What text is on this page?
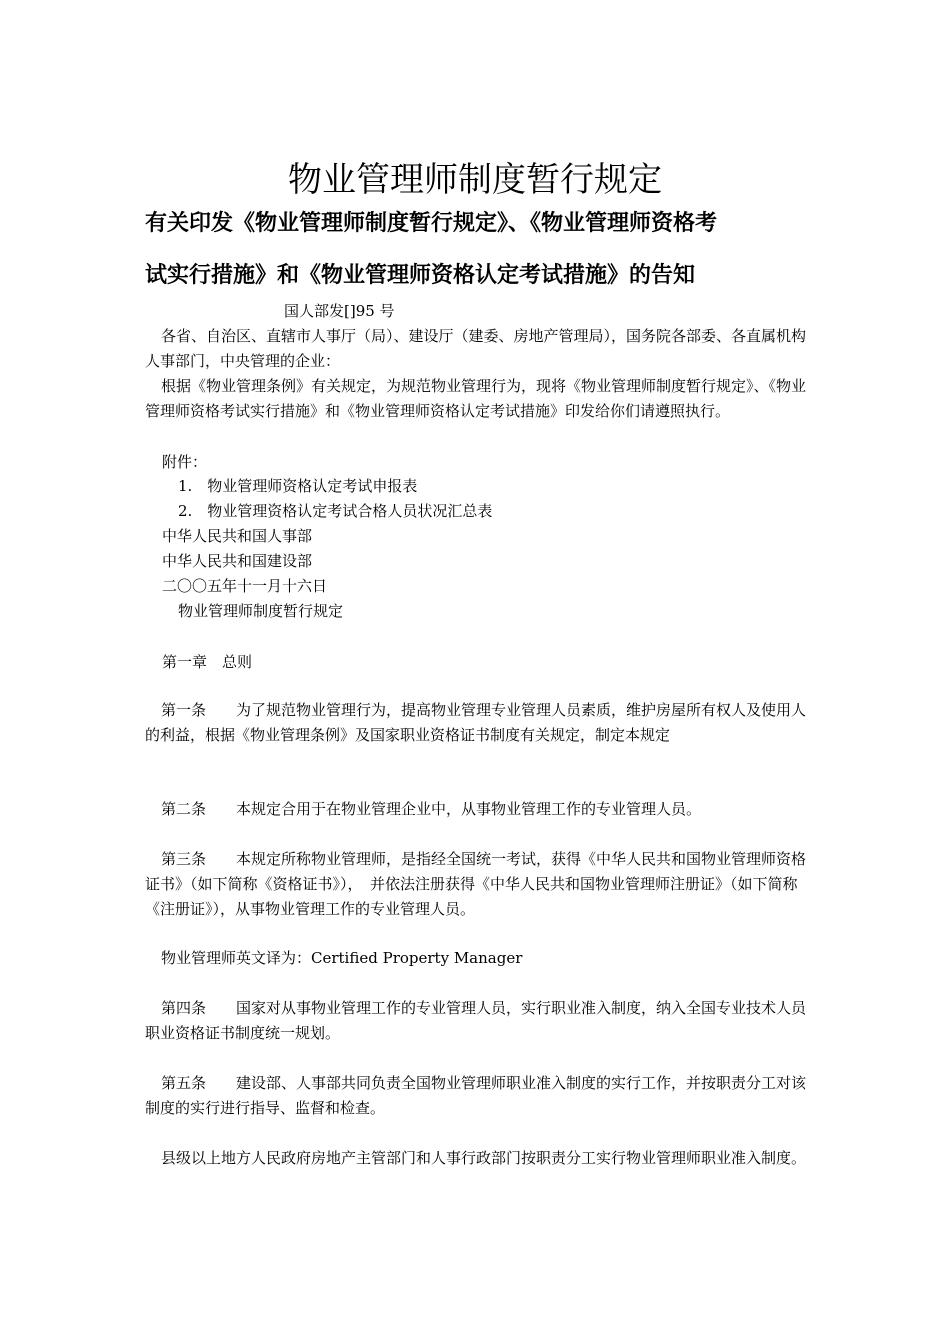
物业管理师制度暂行规定
有关印发《物业管理师制度暂行规定》、《物业管理师资格考
试实行措施》和《物业管理师资格认定考试措施》的告知
国人部发[]95 号
各省、自治区、直辖市人事厅（局）、建设厅（建委、房地产管理局），国务院各部委、各直属机构人事部门，中央管理的企业：
根据《物业管理条例》有关规定，为规范物业管理行为，现将《物业管理师制度暂行规定》、《物业管理师资格考试实行措施》和《物业管理师资格认定考试措施》印发给你们请遵照执行。
附件：
1.　物业管理师资格认定考试申报表
2.　物业管理资格认定考试合格人员状况汇总表
中华人民共和国人事部
中华人民共和国建设部
二〇〇五年十一月十六日
物业管理师制度暂行规定
第一章　总则
第一条　　为了规范物业管理行为，提高物业管理专业管理人员素质，维护房屋所有权人及使用人的利益，根据《物业管理条例》及国家职业资格证书制度有关规定，制定本规定
第二条　　本规定合用于在物业管理企业中，从事物业管理工作的专业管理人员。
第三条　　本规定所称物业管理师，是指经全国统一考试，获得《中华人民共和国物业管理师资格证书》（如下简称《资格证书》），　并依法注册获得《中华人民共和国物业管理师注册证》（如下简称《注册证》），从事物业管理工作的专业管理人员。
物业管理师英文译为：Certified Property Manager
第四条　　国家对从事物业管理工作的专业管理人员，实行职业准入制度，纳入全国专业技术人员职业资格证书制度统一规划。
第五条　　建设部、人事部共同负责全国物业管理师职业准入制度的实行工作，并按职责分工对该制度的实行进行指导、监督和检查。
县级以上地方人民政府房地产主管部门和人事行政部门按职责分工实行物业管理师职业准入制度。
